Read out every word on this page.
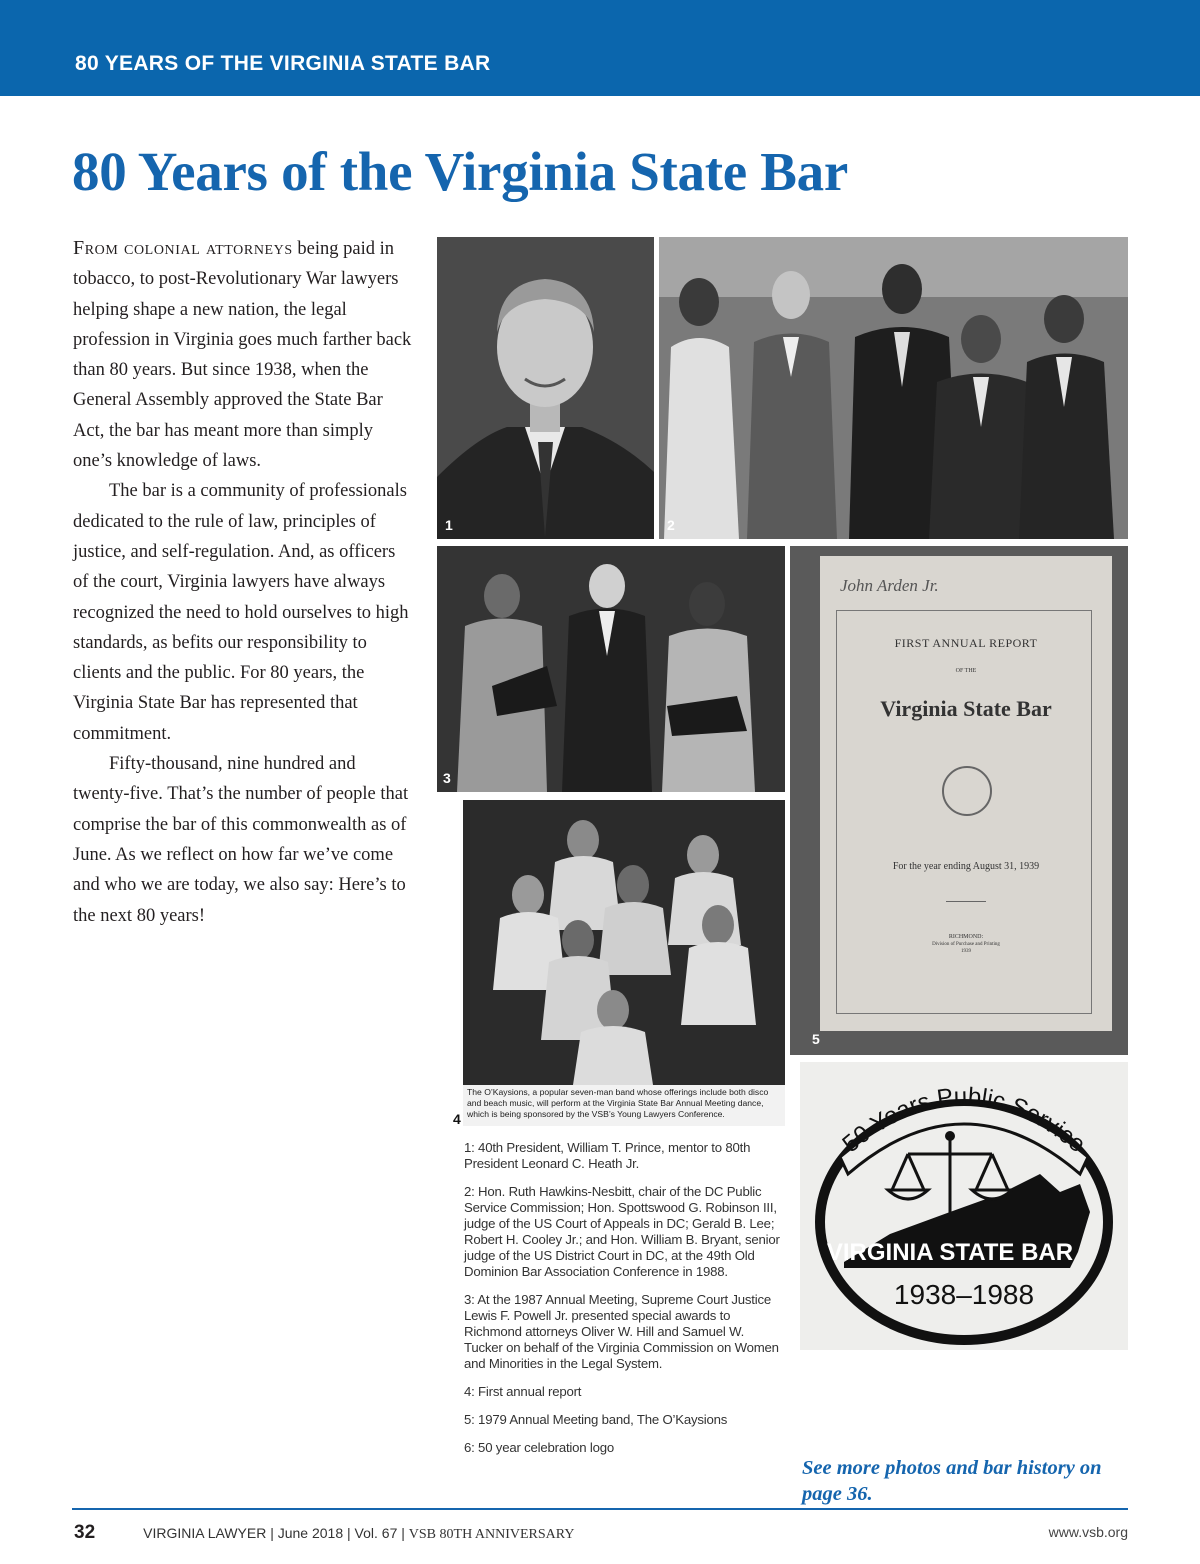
80 YEARS OF THE VIRGINIA STATE BAR
80 Years of the Virginia State Bar

From colonial attorneys being paid in tobacco, to post-Revolutionary War lawyers helping shape a new nation, the legal profession in Virginia goes much farther back than 80 years. But since 1938, when the General Assembly approved the State Bar Act, the bar has meant more than simply one’s knowledge of laws.

The bar is a community of professionals dedicated to the rule of law, principles of justice, and self-regulation. And, as officers of the court, Virginia lawyers have always recognized the need to hold ourselves to high standards, as befits our responsibility to clients and the public. For 80 years, the Virginia State Bar has represented that commitment.

Fifty-thousand, nine hundred and twenty-five. That’s the number of people that comprise the bar of this commonwealth as of June. As we reflect on how far we’ve come and who we are today, we also say: Here’s to the next 80 years!

1	2
3
The O’Kaysions, a popular seven-man band whose offerings include both disco and beach music, will perform at the Virginia State Bar Annual Meeting dance, which is being sponsored by the VSB’s Young Lawyers Conference.
4
John Arden Jr.
FIRST ANNUAL REPORT
OF THE
Virginia State Bar
For the year ending August 31, 1939
RICHMOND:
Division of Purchase and Printing
1939
5
50 Years Public Service
VIRGINIA STATE BAR
1938–1988

1: 40th President, William T. Prince, mentor to 80th President Leonard C. Heath Jr.

2: Hon. Ruth Hawkins-Nesbitt, chair of the DC Public Service Commission; Hon. Spottswood G. Robinson III, judge of the US Court of Appeals in DC; Gerald B. Lee; Robert H. Cooley Jr.; and Hon. William B. Bryant, senior judge of the US District Court in DC, at the 49th Old Dominion Bar Association Conference in 1988.

3: At the 1987 Annual Meeting, Supreme Court Justice Lewis F. Powell Jr. presented special awards to Richmond attorneys Oliver W. Hill and Samuel W. Tucker on behalf of the Virginia Commission on Women and Minorities in the Legal System.

4: First annual report

5: 1979 Annual Meeting band, The O’Kaysions

6: 50 year celebration logo

See more photos and bar history on page 36.
32	VIRGINIA LAWYER | June 2018 | Vol. 67 | VSB 80TH ANNIVERSARY	www.vsb.org
